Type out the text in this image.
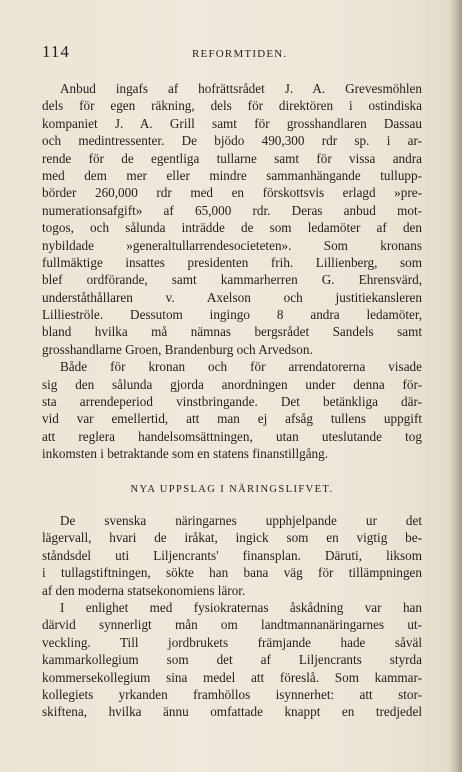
114	REFORMTIDEN.
Anbud ingafs af hofrättsrådet J. A. Grevesmöhlen
dels för egen räkning, dels för direktören i ostindiska
kompaniet J. A. Grill samt för grosshandlaren Dassau
och medintressenter. De bjödo 490,300 rdr sp. i ar-
rende för de egentliga tullarne samt för vissa andra
med dem mer eller mindre sammanhängande tullupp-
börder 260,000 rdr med en förskottsvis erlagd »pre-
numerationsafgift» af 65,000 rdr. Deras anbud mot-
togos, och sålunda inträdde de som ledamöter af den
nybildade »generaltullarrendesocieteten». Som kronans
fullmäktige insattes presidenten frih. Lillienberg, som
blef ordförande, samt kammarherren G. Ehrensvärd,
underståthållaren v. Axelson och justitiekansleren
Lillieströle. Dessutom ingingo 8 andra ledamöter,
bland hvilka må nämnas bergsrådet Sandels samt
grosshandlarne Groen, Brandenburg och Arvedson.
Både för kronan och för arrendatorerna visade
sig den sålunda gjorda anordningen under denna för-
sta arrendeperiod vinstbringande. Det betänkliga där-
vid var emellertid, att man ej afsåg tullens uppgift
att reglera handelsomsättningen, utan uteslutande tog
inkomsten i betraktande som en statens finanstillgång.
NYA UPPSLAG I NÄRINGSLIFVET.
De svenska näringarnes upphjelpande ur det
lägervall, hvari de iråkat, ingick som en vigtig be-
ståndsdel uti Liljencrants' finansplan. Däruti, liksom
i tullagstiftningen, sökte han bana väg för tillämpningen
af den moderna statsekonomiens läror.
I enlighet med fysiokraternas åskådning var han
därvid synnerligt mån om landtmannanäringarnes ut-
veckling. Till jordbrukets främjande hade såväl
kammarkollegium som det af Liljencrants styrda
kommersekollegium sina medel att föreslå. Som kammar-
kollegiets yrkanden framhöllos isynnerhet: att stor-
skiftena, hvilka ännu omfattade knappt en tredjedel
